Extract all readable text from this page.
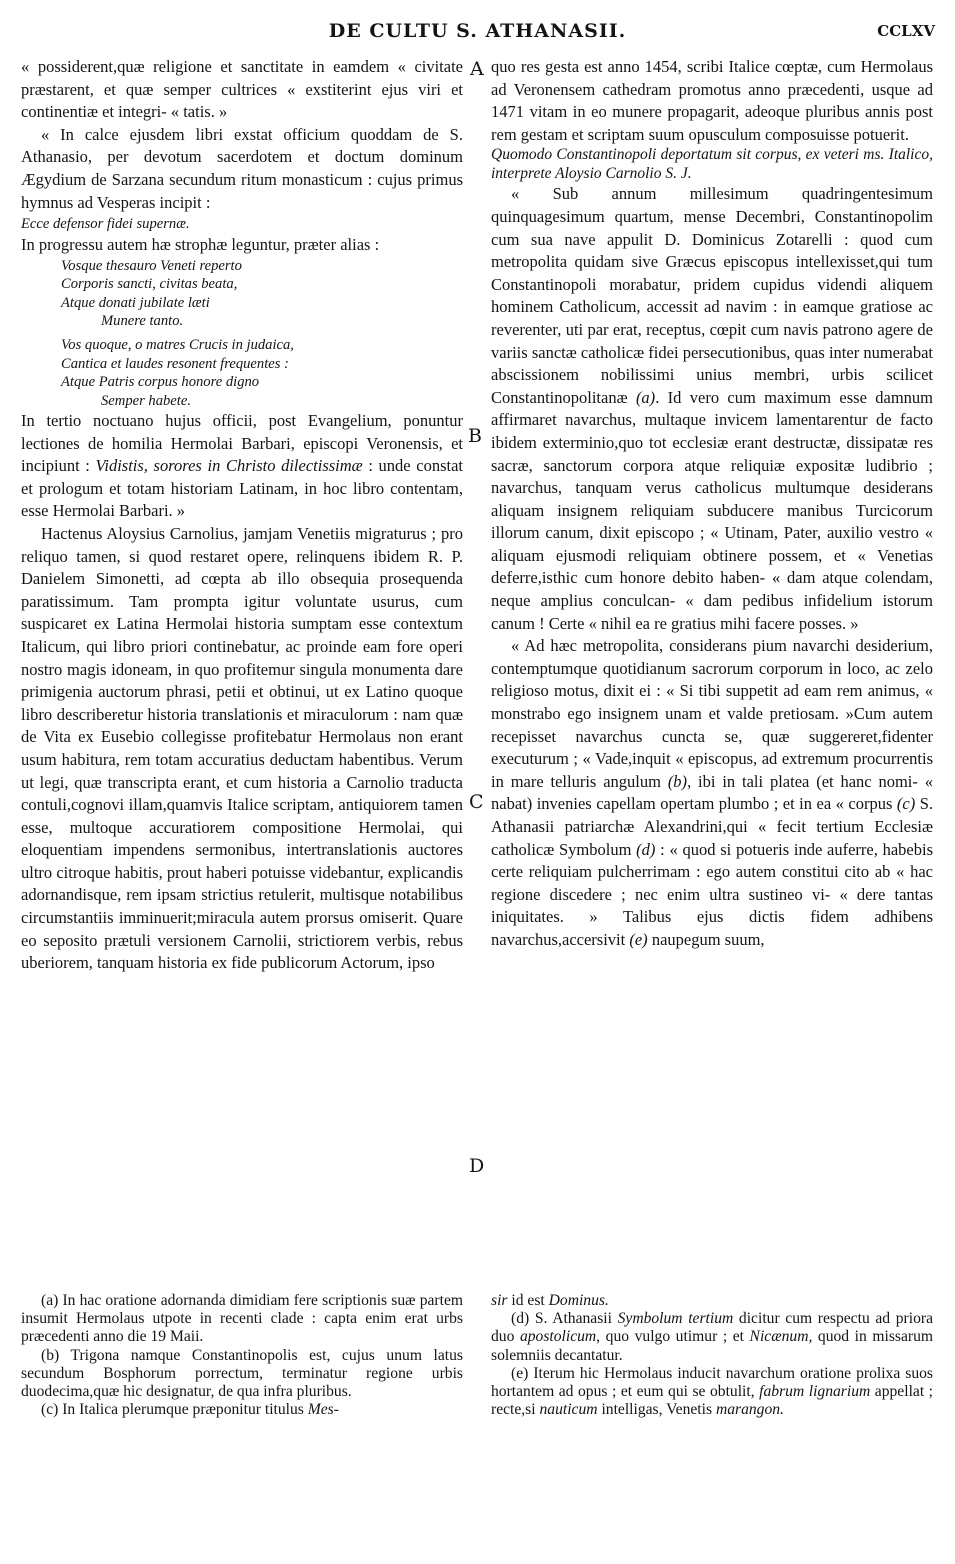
DE CULTU S. ATHANASII.	CCLXV
A
B
C
D

« possiderent,quæ religione et sanctitate in eamdem « civitate præstarent, et quæ semper cultrices « exstiterint ejus viri et continentiæ et integri- « tatis. »

« In calce ejusdem libri exstat officium quoddam de S. Athanasio, per devotum sacerdotem et doctum dominum Ægydium de Sarzana secundum ritum monasticum : cujus primus hymnus ad Vesperas incipit :

Ecce defensor fidei supernæ.

In progressu autem hæ strophæ leguntur, præter alias :

Vosque thesauro Veneti reperto
Corporis sancti, civitas beata,
Atque donati jubilate læti
Munere tanto.
Vos quoque, o matres Crucis in judaica,
Cantica et laudes resonent frequentes :
Atque Patris corpus honore digno
Semper habete.

In tertio noctuano hujus officii, post Evangelium, ponuntur lectiones de homilia Hermolai Barbari, episcopi Veronensis, et incipiunt : Vidistis, sorores in Christo dilectissimæ : unde constat et prologum et totam historiam Latinam, in hoc libro contentam, esse Hermolai Barbari. »

Hactenus Aloysius Carnolius, jamjam Venetiis migraturus ; pro reliquo tamen, si quod restaret opere, relinquens ibidem R. P. Danielem Simonetti, ad cœpta ab illo obsequia prosequenda paratissimum. Tam prompta igitur voluntate usurus, cum suspicaret ex Latina Hermolai historia sumptam esse contextum Italicum, qui libro priori continebatur, ac proinde eam fore operi nostro magis idoneam, in quo profitemur singula monumenta dare primigenia auctorum phrasi, petii et obtinui, ut ex Latino quoque libro describeretur historia translationis et miraculorum : nam quæ de Vita ex Eusebio collegisse profitebatur Hermolaus non erant usum habitura, rem totam accuratius deductam habentibus. Verum ut legi, quæ transcripta erant, et cum historia a Carnolio traducta contuli,cognovi illam,quamvis Italice scriptam, antiquiorem tamen esse, multoque accuratiorem compositione Hermolai, qui eloquentiam impendens sermonibus, intertranslationis auctores ultro citroque habitis, prout haberi potuisse videbantur, explicandis adornandisque, rem ipsam strictius retulerit, multisque notabilibus circumstantiis imminuerit;miracula autem prorsus omiserit. Quare eo seposito prætuli versionem Carnolii, strictiorem verbis, rebus uberiorem, tanquam historia ex fide publicorum Actorum, ipso

quo res gesta est anno 1454, scribi Italice cœptæ, cum Hermolaus ad Veronensem cathedram promotus anno præcedenti, usque ad 1471 vitam in eo munere propagarit, adeoque pluribus annis post rem gestam et scriptam suum opusculum composuisse potuerit.

Quomodo Constantinopoli deportatum sit corpus, ex veteri ms. Italico, interprete Aloysio Carnolio S. J.

« Sub annum millesimum quadringentesimum quinquagesimum quartum, mense Decembri, Constantinopolim cum sua nave appulit D. Dominicus Zotarelli : quod cum metropolita quidam sive Græcus episcopus intellexisset,qui tum Constantinopoli morabatur, pridem cupidus videndi aliquem hominem Catholicum, accessit ad navim : in eamque gratiose ac reverenter, uti par erat, receptus, cœpit cum navis patrono agere de variis sanctæ catholicæ fidei persecutionibus, quas inter numerabat abscissionem nobilissimi unius membri, urbis scilicet Constantinopolitanæ (a). Id vero cum maximum esse damnum affirmaret navarchus, multaque invicem lamentarentur de facto ibidem exterminio,quo tot ecclesiæ erant destructæ, dissipatæ res sacræ, sanctorum corpora atque reliquiæ expositæ ludibrio ; navarchus, tanquam verus catholicus multumque desiderans aliquam insignem reliquiam subducere manibus Turcicorum illorum canum, dixit episcopo ; « Utinam, Pater, auxilio vestro « aliquam ejusmodi reliquiam obtinere possem, et « Venetias deferre,isthic cum honore debito haben- « dam atque colendam, neque amplius conculcan- « dam pedibus infidelium istorum canum ! Certe « nihil ea re gratius mihi facere posses. »

« Ad hæc metropolita, considerans pium navarchi desiderium, contemptumque quotidianum sacrorum corporum in loco, ac zelo religioso motus, dixit ei : « Si tibi suppetit ad eam rem animus, « monstrabo ego insignem unam et valde pretiosam. »Cum autem recepisset navarchus cuncta se, quæ suggereret,fidenter executurum ; « Vade,inquit « episcopus, ad extremum procurrentis in mare telluris angulum (b), ibi in tali platea (et hanc nomi- « nabat) invenies capellam opertam plumbo ; et in ea « corpus (c) S. Athanasii patriarchæ Alexandrini,qui « fecit tertium Ecclesiæ catholicæ Symbolum (d) : « quod si potueris inde auferre, habebis certe reliquiam pulcherrimam : ego autem constitui cito ab « hac regione discedere ; nec enim ultra sustineo vi- « dere tantas iniquitates. » Talibus ejus dictis fidem adhibens navarchus,accersivit (e) naupegum suum,

(a) In hac oratione adornanda dimidiam fere scriptionis suæ partem insumit Hermolaus utpote in recenti clade : capta enim erat urbs præcedenti anno die 19 Maii.

(b) Trigona namque Constantinopolis est, cujus unum latus secundum Bosphorum porrectum, terminatur regione urbis duodecima,quæ hic designatur, de qua infra pluribus.

(c) In Italica plerumque præponitur titulus Mes-

sir id est Dominus.

(d) S. Athanasii Symbolum tertium dicitur cum respectu ad priora duo apostolicum, quo vulgo utimur ; et Nicænum, quod in missarum solemniis decantatur.

(e) Iterum hic Hermolaus inducit navarchum oratione prolixa suos hortantem ad opus ; et eum qui se obtulit, fabrum lignarium appellat ; recte,si nauticum intelligas, Venetis marangon.
